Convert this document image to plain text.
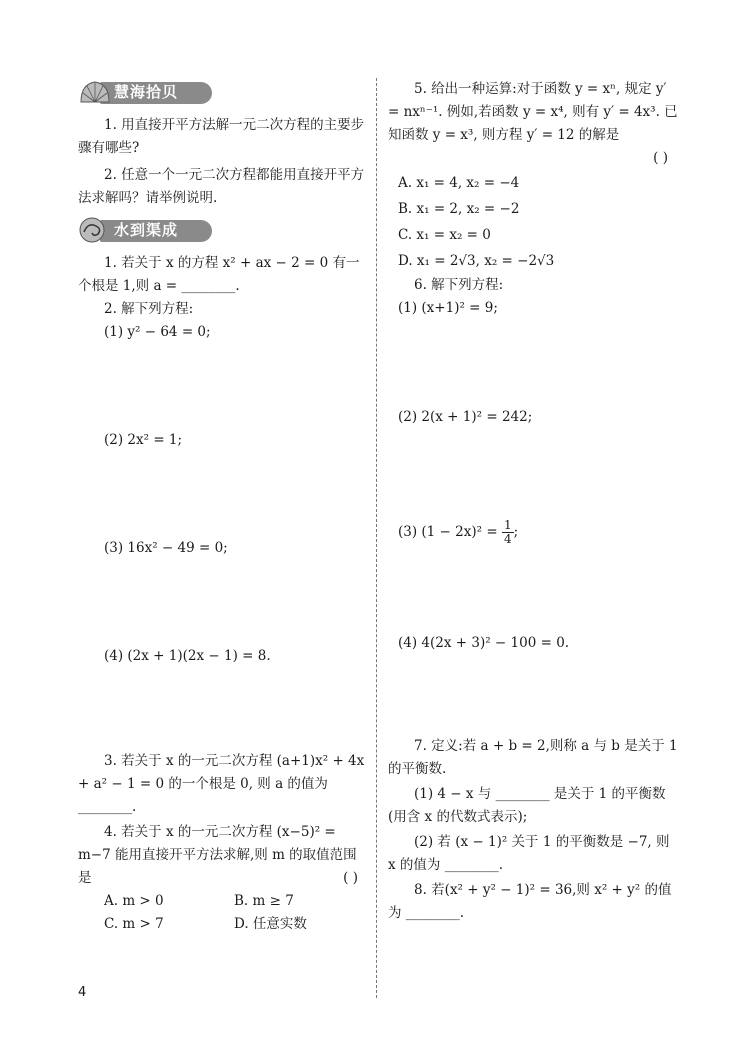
慧海拾贝

1. 用直接开平方法解一元二次方程的主要步骤有哪些?

2. 任意一个一元二次方程都能用直接开平方法求解吗？请举例说明.

水到渠成

1. 若关于 x 的方程 x² + ax − 2 = 0 有一个根是 1,则 a = ________.

2. 解下列方程:

(1) y² − 64 = 0;
(2) 2x² = 1;
(3) 16x² − 49 = 0;
(4) (2x + 1)(2x − 1) = 8.

3. 若关于 x 的一元二次方程 (a+1)x² + 4x + a² − 1 = 0 的一个根是 0, 则 a 的值为 ________.

4. 若关于 x 的一元二次方程 (x−5)² = m−7 能用直接开平方法求解,则 m 的取值范围是	( )
A. m > 0	B. m ≥ 7
C. m > 7	D. 任意实数

5. 给出一种运算:对于函数 y = xⁿ, 规定 y′ = nxⁿ⁻¹. 例如,若函数 y = x⁴, 则有 y′ = 4x³. 已知函数 y = x³, 则方程 y′ = 12 的解是

( )
A. x₁ = 4, x₂ = −4
B. x₁ = 2, x₂ = −2
C. x₁ = x₂ = 0
D. x₁ = 2√3, x₂ = −2√3

6. 解下列方程:

(1) (x+1)² = 9;
(2) 2(x + 1)² = 242;
(3) $(1 - 2x)^2 = \frac{1}{4}$ ;
(4) 4(2x + 3)² − 100 = 0.

7. 定义:若 a + b = 2,则称 a 与 b 是关于 1 的平衡数.

(1) 4 − x 与 ________ 是关于 1 的平衡数 (用含 x 的代数式表示);

(2) 若 (x − 1)² 关于 1 的平衡数是 −7, 则 x 的值为 ________.

8. 若(x² + y² − 1)² = 36,则 x² + y² 的值为 ________.

4
